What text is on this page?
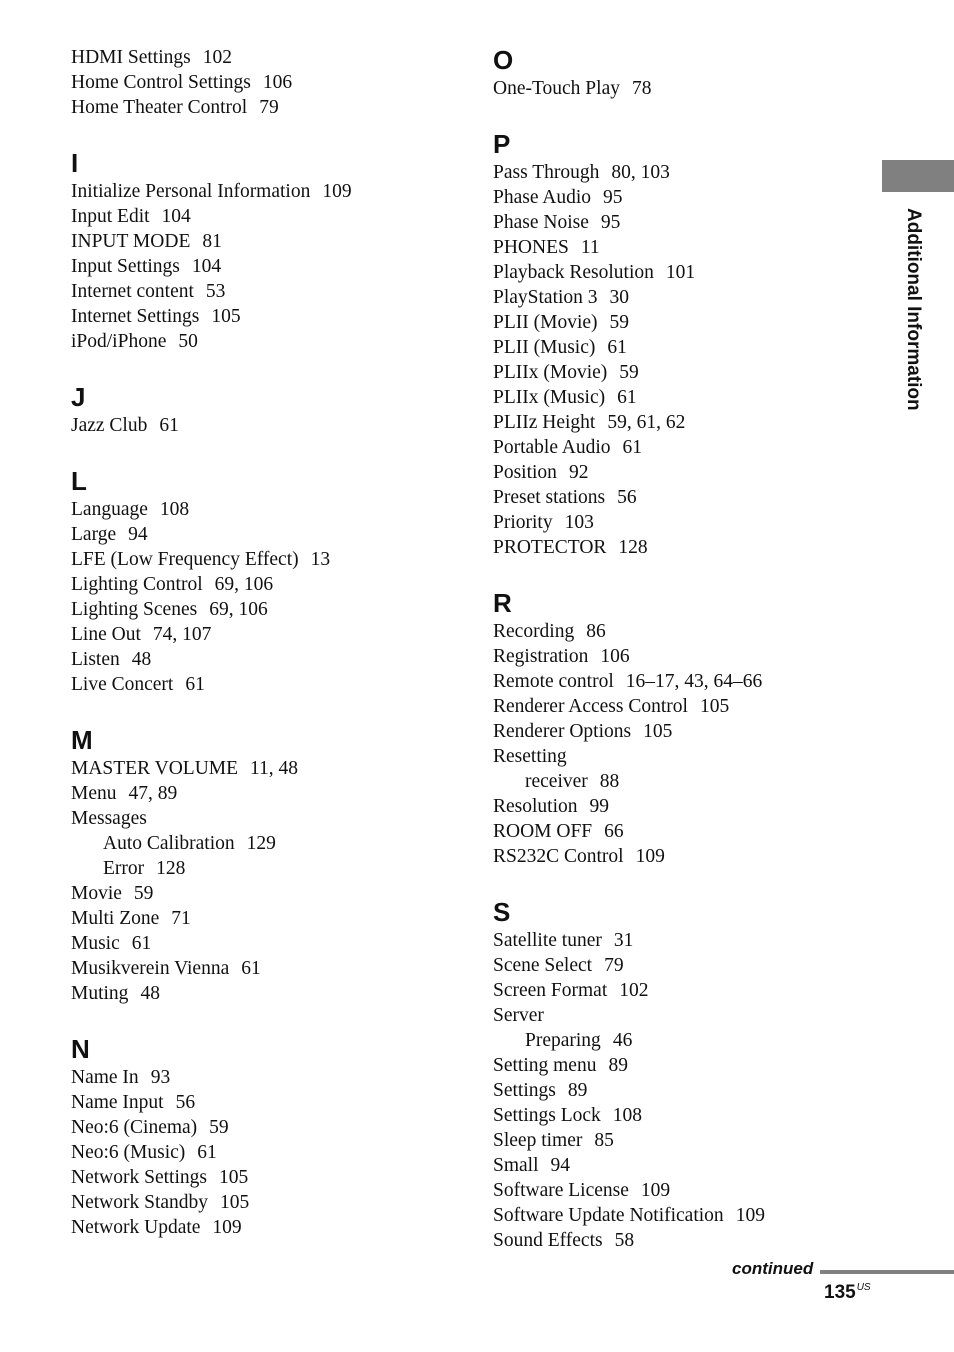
HDMI Settings 102
Home Control Settings 106
Home Theater Control 79
I
Initialize Personal Information 109
Input Edit 104
INPUT MODE 81
Input Settings 104
Internet content 53
Internet Settings 105
iPod/iPhone 50
J
Jazz Club 61
L
Language 108
Large 94
LFE (Low Frequency Effect) 13
Lighting Control 69, 106
Lighting Scenes 69, 106
Line Out 74, 107
Listen 48
Live Concert 61
M
MASTER VOLUME 11, 48
Menu 47, 89
Messages
Auto Calibration 129
Error 128
Movie 59
Multi Zone 71
Music 61
Musikverein Vienna 61
Muting 48
N
Name In 93
Name Input 56
Neo:6 (Cinema) 59
Neo:6 (Music) 61
Network Settings 105
Network Standby 105
Network Update 109
O
One-Touch Play 78
P
Pass Through 80, 103
Phase Audio 95
Phase Noise 95
PHONES 11
Playback Resolution 101
PlayStation 3 30
PLII (Movie) 59
PLII (Music) 61
PLIIx (Movie) 59
PLIIx (Music) 61
PLIIz Height 59, 61, 62
Portable Audio 61
Position 92
Preset stations 56
Priority 103
PROTECTOR 128
R
Recording 86
Registration 106
Remote control 16–17, 43, 64–66
Renderer Access Control 105
Renderer Options 105
Resetting
receiver 88
Resolution 99
ROOM OFF 66
RS232C Control 109
S
Satellite tuner 31
Scene Select 79
Screen Format 102
Server
Preparing 46
Setting menu 89
Settings 89
Settings Lock 108
Sleep timer 85
Small 94
Software License 109
Software Update Notification 109
Sound Effects 58
Additional Information
continued
$135^{US}$
